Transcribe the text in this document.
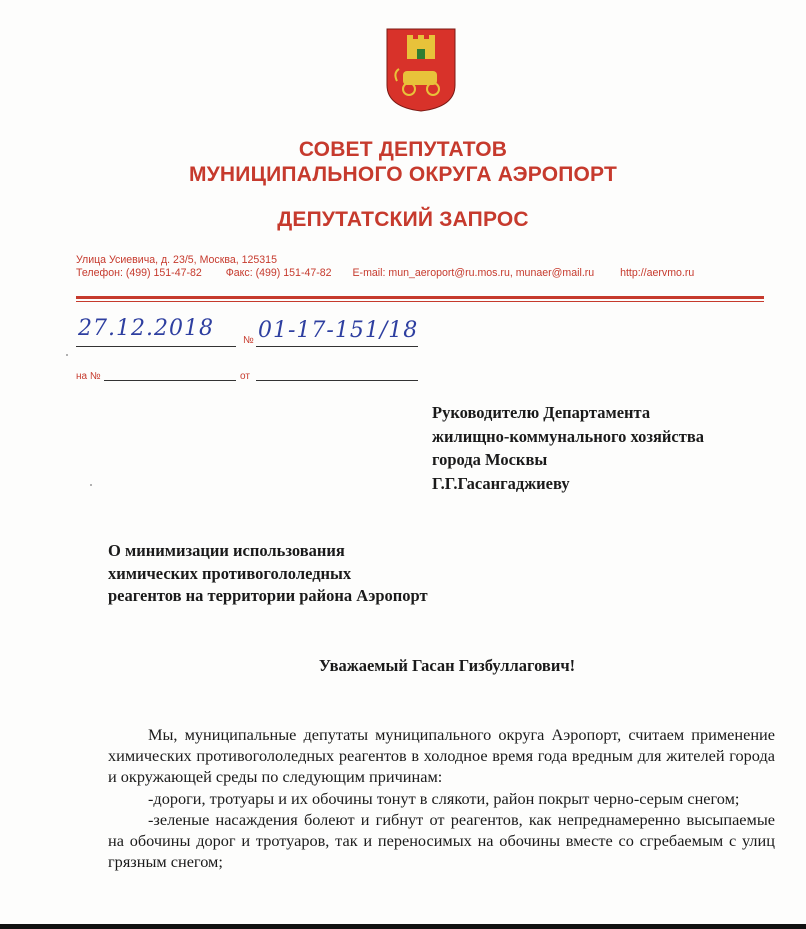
СОВЕТ ДЕПУТАТОВ
МУНИЦИПАЛЬНОГО ОКРУГА АЭРОПОРТ
ДЕПУТАТСКИЙ ЗАПРОС
Улица Усиевича, д. 23/5, Москва, 125315
Телефон: (499) 151-47-82 Факс: (499) 151-47-82 E-mail: mun_aeroport@ru.mos.ru, munaer@mail.ru http://aervmo.ru
27.12.2018	№ 01-17-151/18
на №	от
Руководителю Департамента
жилищно-коммунального хозяйства
города Москвы
Г.Г.Гасангаджиеву
О минимизации использования
химических противогололедных
реагентов на территории района Аэропорт
Уважаемый Гасан Гизбуллагович!

Мы, муниципальные депутаты муниципального округа Аэропорт, считаем применение химических противогололедных реагентов в холодное время года вредным для жителей города и окружающей среды по следующим причинам:

-дороги, тротуары и их обочины тонут в слякоти, район покрыт черно-серым снегом;

-зеленые насаждения болеют и гибнут от реагентов, как непреднамеренно высыпаемые на обочины дорог и тротуаров, так и переносимых на обочины вместе со сгребаемым с улиц грязным снегом;
